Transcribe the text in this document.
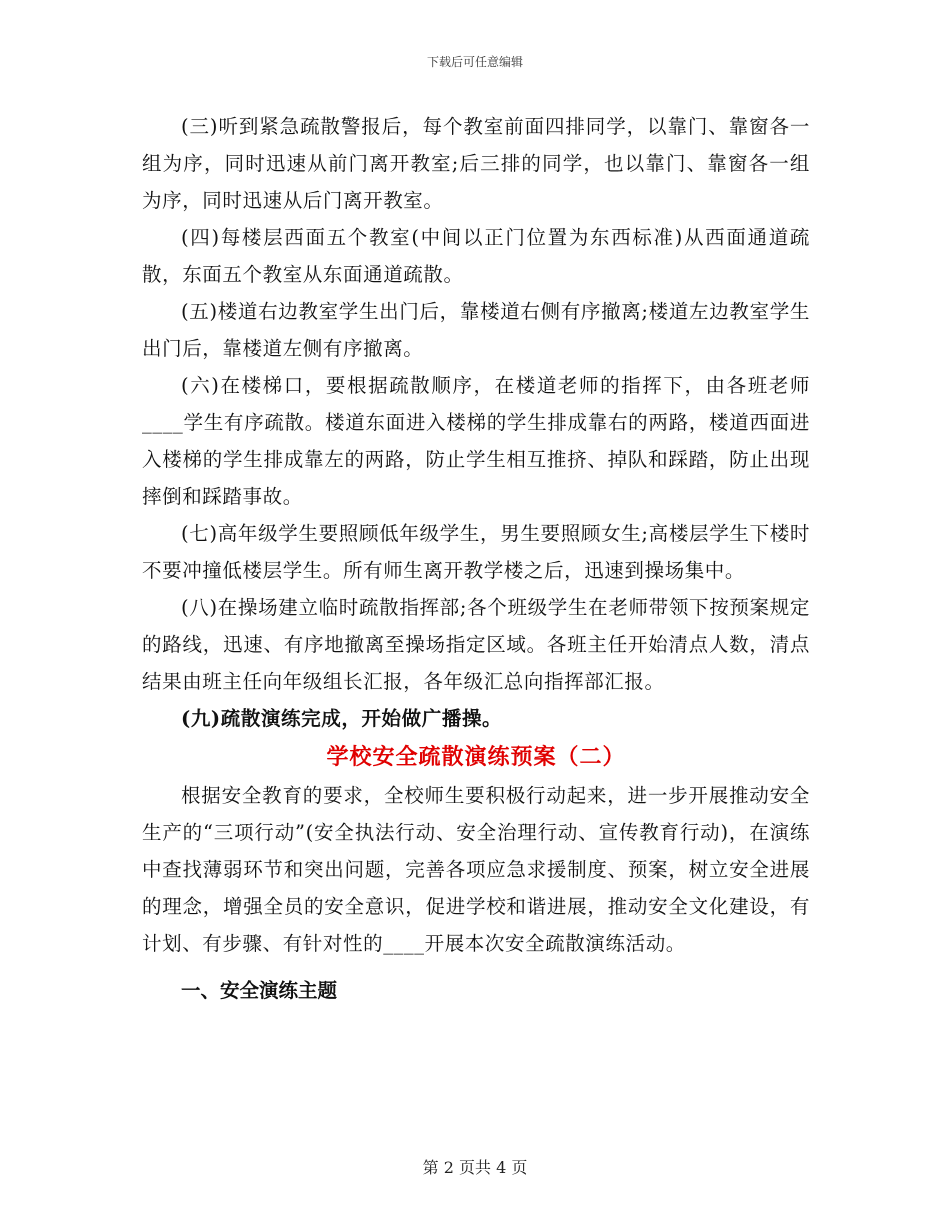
下载后可任意编辑

(三)听到紧急疏散警报后，每个教室前面四排同学，以靠门、靠窗各一组为序，同时迅速从前门离开教室;后三排的同学，也以靠门、靠窗各一组为序，同时迅速从后门离开教室。

(四)每楼层西面五个教室(中间以正门位置为东西标准)从西面通道疏散，东面五个教室从东面通道疏散。

(五)楼道右边教室学生出门后，靠楼道右侧有序撤离;楼道左边教室学生出门后，靠楼道左侧有序撤离。

(六)在楼梯口，要根据疏散顺序，在楼道老师的指挥下，由各班老师____学生有序疏散。楼道东面进入楼梯的学生排成靠右的两路，楼道西面进入楼梯的学生排成靠左的两路，防止学生相互推挤、掉队和踩踏，防止出现摔倒和踩踏事故。

(七)高年级学生要照顾低年级学生，男生要照顾女生;高楼层学生下楼时不要冲撞低楼层学生。所有师生离开教学楼之后，迅速到操场集中。

(八)在操场建立临时疏散指挥部;各个班级学生在老师带领下按预案规定的路线，迅速、有序地撤离至操场指定区域。各班主任开始清点人数，清点结果由班主任向年级组长汇报，各年级汇总向指挥部汇报。

(九)疏散演练完成，开始做广播操。

学校安全疏散演练预案（二）

根据安全教育的要求，全校师生要积极行动起来，进一步开展推动安全生产的“三项行动”(安全执法行动、安全治理行动、宣传教育行动)，在演练中查找薄弱环节和突出问题，完善各项应急求援制度、预案，树立安全进展的理念，增强全员的安全意识，促进学校和谐进展，推动安全文化建设，有计划、有步骤、有针对性的____开展本次安全疏散演练活动。

一、安全演练主题

第 2 页共 4 页
